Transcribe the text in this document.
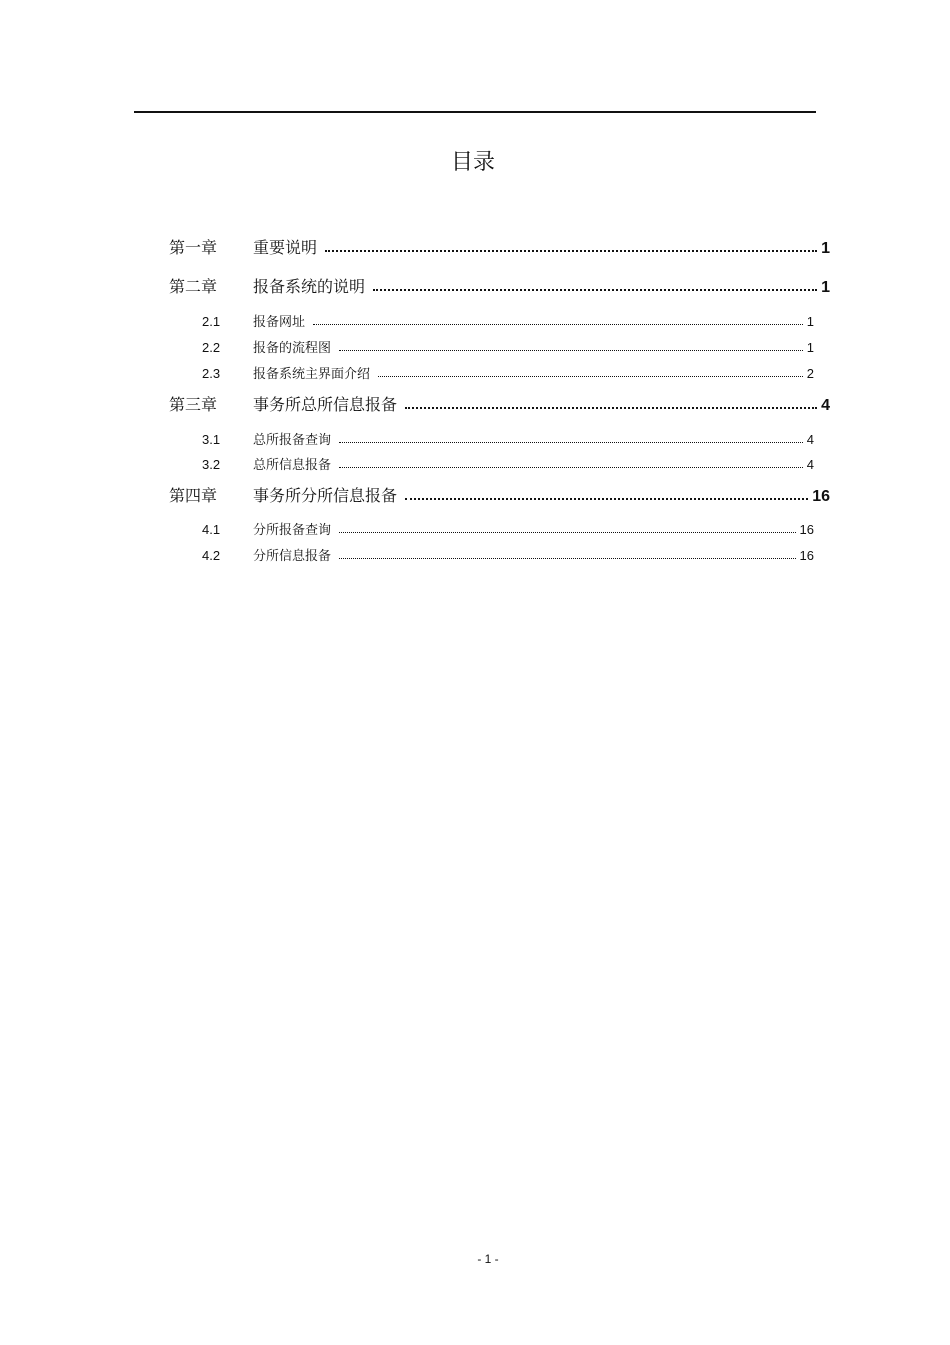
目录
第一章	重要说明	1
第二章	报备系统的说明	1
2.1	报备网址	1
2.2	报备的流程图	1
2.3	报备系统主界面介绍	2
第三章	事务所总所信息报备	4
3.1	总所报备查询	4
3.2	总所信息报备	4
第四章	事务所分所信息报备	16
4.1	分所报备查询	16
4.2	分所信息报备	16
- 1 -
